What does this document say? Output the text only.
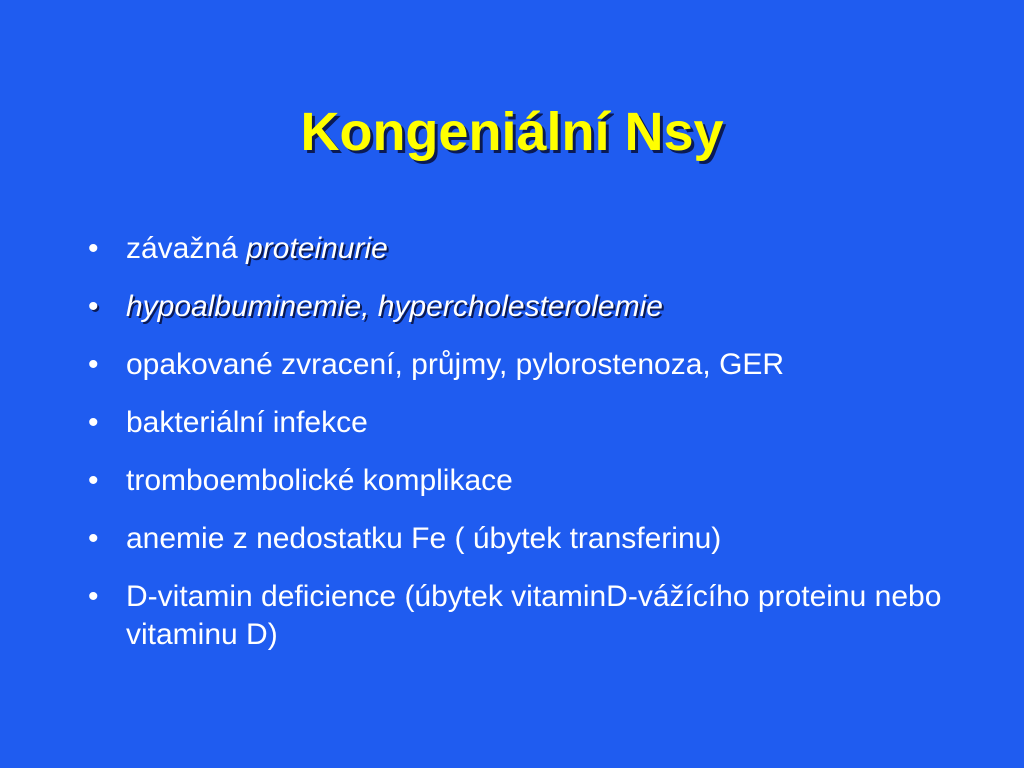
Kongeniální Nsy
• závažná proteinurie
• hypoalbuminemie, hypercholesterolemie
• opakované zvracení, průjmy, pylorostenoza, GER
• bakteriální infekce
• tromboembolické komplikace
• anemie z nedostatku Fe ( úbytek transferinu)
• D-vitamin deficience (úbytek vitaminD-vážícího proteinu nebo vitaminu D)
